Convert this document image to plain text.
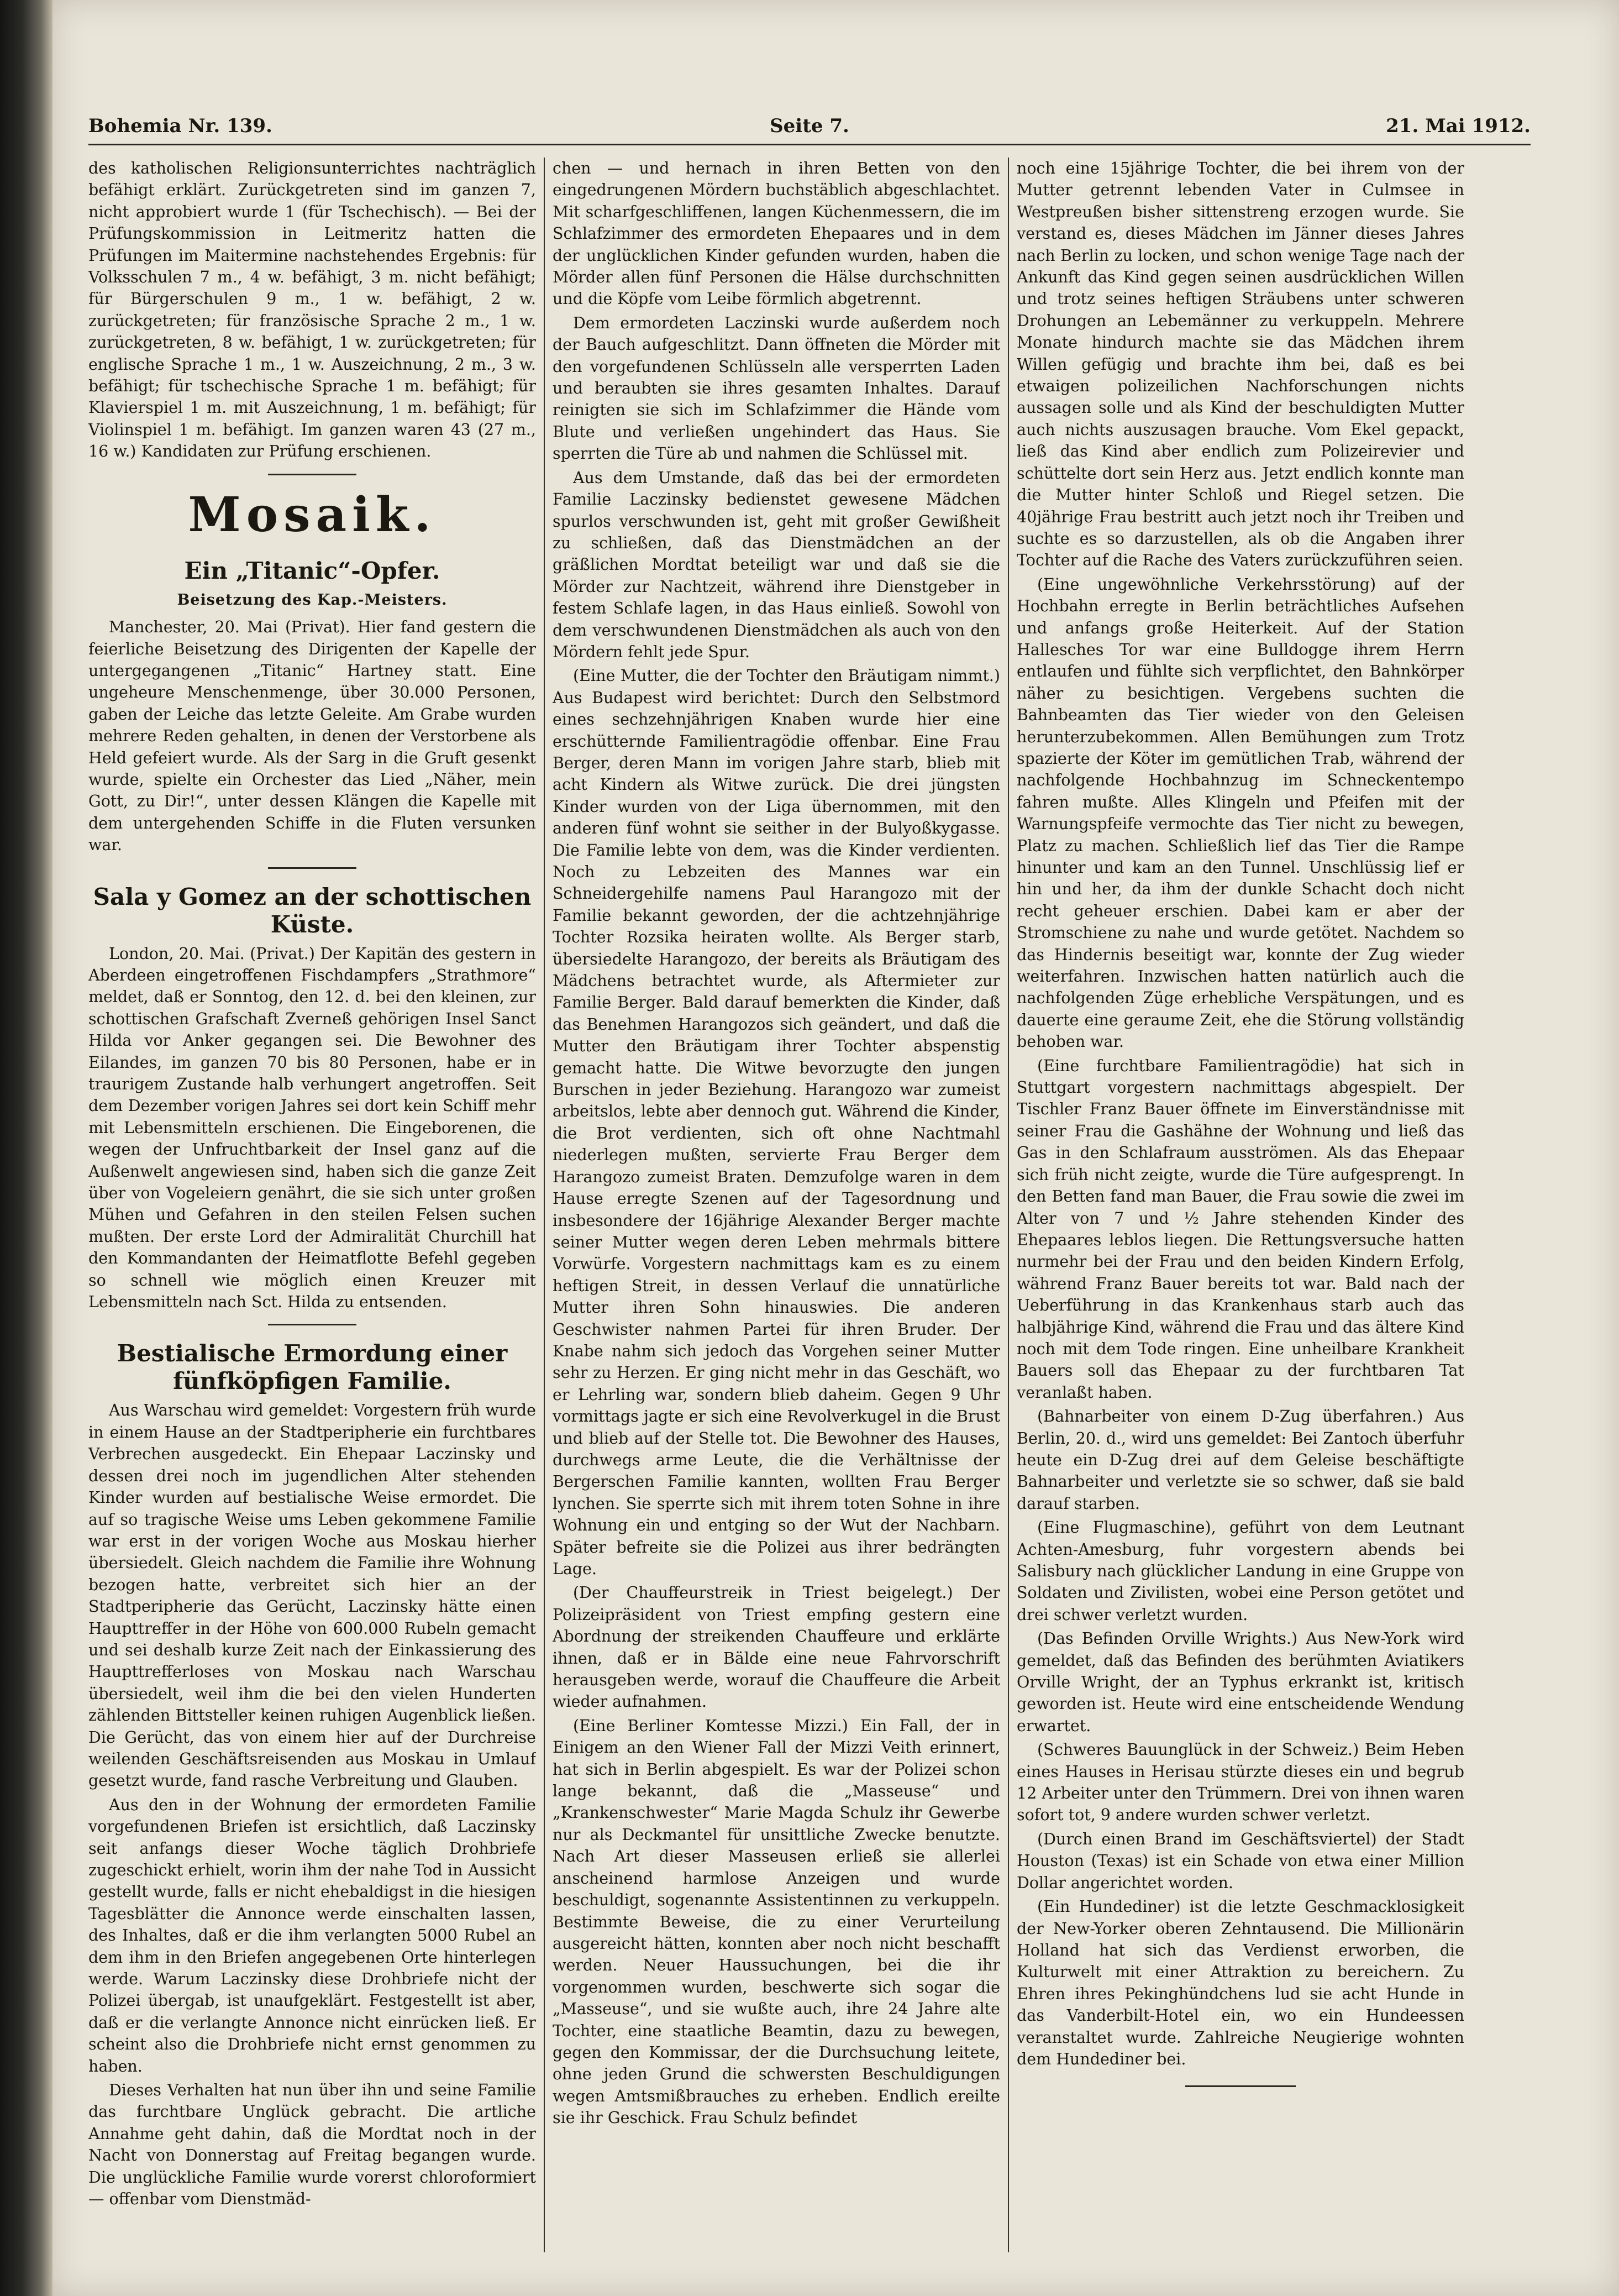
Bohemia Nr. 139.	Seite 7.	21. Mai 1912.

des katholischen Religionsunterrichtes nachträglich befähigt erklärt. Zurückgetreten sind im ganzen 7, nicht approbiert wurde 1 (für Tschechisch). — Bei der Prüfungskommission in Leitmeritz hatten die Prüfungen im Maitermine nachstehendes Ergebnis: für Volksschulen 7 m., 4 w. befähigt, 3 m. nicht befähigt; für Bürgerschulen 9 m., 1 w. befähigt, 2 w. zurückgetreten; für französische Sprache 2 m., 1 w. zurückgetreten, 8 w. befähigt, 1 w. zurückgetreten; für englische Sprache 1 m., 1 w. Auszeichnung, 2 m., 3 w. befähigt; für tschechische Sprache 1 m. befähigt; für Klavierspiel 1 m. mit Auszeichnung, 1 m. befähigt; für Violinspiel 1 m. befähigt. Im ganzen waren 43 (27 m., 16 w.) Kandidaten zur Prüfung erschienen.

Mosaik.
Ein „Titanic“-Opfer.
Beisetzung des Kap.-Meisters.

Manchester, 20. Mai (Privat). Hier fand gestern die feierliche Beisetzung des Dirigenten der Kapelle der untergegangenen „Titanic“ Hartney statt. Eine ungeheure Menschenmenge, über 30.000 Personen, gaben der Leiche das letzte Geleite. Am Grabe wurden mehrere Reden gehalten, in denen der Verstorbene als Held gefeiert wurde. Als der Sarg in die Gruft gesenkt wurde, spielte ein Orchester das Lied „Näher, mein Gott, zu Dir!“, unter dessen Klängen die Kapelle mit dem untergehenden Schiffe in die Fluten versunken war.

Sala y Gomez an der schottischen Küste.

London, 20. Mai. (Privat.) Der Kapitän des gestern in Aberdeen eingetroffenen Fischdampfers „Strathmore“ meldet, daß er Sonntog, den 12. d. bei den kleinen, zur schottischen Grafschaft Zverneß gehörigen Insel Sanct Hilda vor Anker gegangen sei. Die Bewohner des Eilandes, im ganzen 70 bis 80 Personen, habe er in traurigem Zustande halb verhungert angetroffen. Seit dem Dezember vorigen Jahres sei dort kein Schiff mehr mit Lebensmitteln erschienen. Die Eingeborenen, die wegen der Unfruchtbarkeit der Insel ganz auf die Außenwelt angewiesen sind, haben sich die ganze Zeit über von Vogeleiern genährt, die sie sich unter großen Mühen und Gefahren in den steilen Felsen suchen mußten. Der erste Lord der Admiralität Churchill hat den Kommandanten der Heimatflotte Befehl gegeben so schnell wie möglich einen Kreuzer mit Lebensmitteln nach Sct. Hilda zu entsenden.

Bestialische Ermordung einer fünfköpfigen Familie.

Aus Warschau wird gemeldet: Vorgestern früh wurde in einem Hause an der Stadtperipherie ein furchtbares Verbrechen ausgedeckt. Ein Ehepaar Laczinsky und dessen drei noch im jugendlichen Alter stehenden Kinder wurden auf bestialische Weise ermordet. Die auf so tragische Weise ums Leben gekommene Familie war erst in der vorigen Woche aus Moskau hierher übersiedelt. Gleich nachdem die Familie ihre Wohnung bezogen hatte, verbreitet sich hier an der Stadtperipherie das Gerücht, Laczinsky hätte einen Haupttreffer in der Höhe von 600.000 Rubeln gemacht und sei deshalb kurze Zeit nach der Einkassierung des Haupttrefferloses von Moskau nach Warschau übersiedelt, weil ihm die bei den vielen Hunderten zählenden Bittsteller keinen ruhigen Augenblick ließen. Die Gerücht, das von einem hier auf der Durchreise weilenden Geschäftsreisenden aus Moskau in Umlauf gesetzt wurde, fand rasche Verbreitung und Glauben.

Aus den in der Wohnung der ermordeten Familie vorgefundenen Briefen ist ersichtlich, daß Laczinsky seit anfangs dieser Woche täglich Drohbriefe zugeschickt erhielt, worin ihm der nahe Tod in Aussicht gestellt wurde, falls er nicht ehebaldigst in die hiesigen Tagesblätter die Annonce werde einschalten lassen, des Inhaltes, daß er die ihm verlangten 5000 Rubel an dem ihm in den Briefen angegebenen Orte hinterlegen werde. Warum Laczinsky diese Drohbriefe nicht der Polizei übergab, ist unaufgeklärt. Festgestellt ist aber, daß er die verlangte Annonce nicht einrücken ließ. Er scheint also die Drohbriefe nicht ernst genommen zu haben.

Dieses Verhalten hat nun über ihn und seine Familie das furchtbare Unglück gebracht. Die artliche Annahme geht dahin, daß die Mordtat noch in der Nacht von Donnerstag auf Freitag begangen wurde. Die unglückliche Familie wurde vorerst chloroformiert — offenbar vom Dienstmäd-

chen — und hernach in ihren Betten von den eingedrungenen Mördern buchstäblich abgeschlachtet. Mit scharfgeschliffenen, langen Küchenmessern, die im Schlafzimmer des ermordeten Ehepaares und in dem der unglücklichen Kinder gefunden wurden, haben die Mörder allen fünf Personen die Hälse durchschnitten und die Köpfe vom Leibe förmlich abgetrennt.

Dem ermordeten Laczinski wurde außerdem noch der Bauch aufgeschlitzt. Dann öffneten die Mörder mit den vorgefundenen Schlüsseln alle versperrten Laden und beraubten sie ihres gesamten Inhaltes. Darauf reinigten sie sich im Schlafzimmer die Hände vom Blute und verließen ungehindert das Haus. Sie sperrten die Türe ab und nahmen die Schlüssel mit.

Aus dem Umstande, daß das bei der ermordeten Familie Laczinsky bedienstet gewesene Mädchen spurlos verschwunden ist, geht mit großer Gewißheit zu schließen, daß das Dienstmädchen an der gräßlichen Mordtat beteiligt war und daß sie die Mörder zur Nachtzeit, während ihre Dienstgeber in festem Schlafe lagen, in das Haus einließ. Sowohl von dem verschwundenen Dienstmädchen als auch von den Mördern fehlt jede Spur.

(Eine Mutter, die der Tochter den Bräutigam nimmt.) Aus Budapest wird berichtet: Durch den Selbstmord eines sechzehnjährigen Knaben wurde hier eine erschütternde Familientragödie offenbar. Eine Frau Berger, deren Mann im vorigen Jahre starb, blieb mit acht Kindern als Witwe zurück. Die drei jüngsten Kinder wurden von der Liga übernommen, mit den anderen fünf wohnt sie seither in der Bulyoßkygasse. Die Familie lebte von dem, was die Kinder verdienten. Noch zu Lebzeiten des Mannes war ein Schneidergehilfe namens Paul Harangozo mit der Familie bekannt geworden, der die achtzehnjährige Tochter Rozsika heiraten wollte. Als Berger starb, übersiedelte Harangozo, der bereits als Bräutigam des Mädchens betrachtet wurde, als Aftermieter zur Familie Berger. Bald darauf bemerkten die Kinder, daß das Benehmen Harangozos sich geändert, und daß die Mutter den Bräutigam ihrer Tochter abspenstig gemacht hatte. Die Witwe bevorzugte den jungen Burschen in jeder Beziehung. Harangozo war zumeist arbeitslos, lebte aber dennoch gut. Während die Kinder, die Brot verdienten, sich oft ohne Nachtmahl niederlegen mußten, servierte Frau Berger dem Harangozo zumeist Braten. Demzufolge waren in dem Hause erregte Szenen auf der Tagesordnung und insbesondere der 16jährige Alexander Berger machte seiner Mutter wegen deren Leben mehrmals bittere Vorwürfe. Vorgestern nachmittags kam es zu einem heftigen Streit, in dessen Verlauf die unnatürliche Mutter ihren Sohn hinauswies. Die anderen Geschwister nahmen Partei für ihren Bruder. Der Knabe nahm sich jedoch das Vorgehen seiner Mutter sehr zu Herzen. Er ging nicht mehr in das Geschäft, wo er Lehrling war, sondern blieb daheim. Gegen 9 Uhr vormittags jagte er sich eine Revolverkugel in die Brust und blieb auf der Stelle tot. Die Bewohner des Hauses, durchwegs arme Leute, die die Verhältnisse der Bergerschen Familie kannten, wollten Frau Berger lynchen. Sie sperrte sich mit ihrem toten Sohne in ihre Wohnung ein und entging so der Wut der Nachbarn. Später befreite sie die Polizei aus ihrer bedrängten Lage.

(Der Chauffeurstreik in Triest beigelegt.) Der Polizeipräsident von Triest empfing gestern eine Abordnung der streikenden Chauffeure und erklärte ihnen, daß er in Bälde eine neue Fahrvorschrift herausgeben werde, worauf die Chauffeure die Arbeit wieder aufnahmen.

(Eine Berliner Komtesse Mizzi.) Ein Fall, der in Einigem an den Wiener Fall der Mizzi Veith erinnert, hat sich in Berlin abgespielt. Es war der Polizei schon lange bekannt, daß die „Masseuse“ und „Krankenschwester“ Marie Magda Schulz ihr Gewerbe nur als Deckmantel für unsittliche Zwecke benutzte. Nach Art dieser Masseusen erließ sie allerlei anscheinend harmlose Anzeigen und wurde beschuldigt, sogenannte Assistentinnen zu verkuppeln. Bestimmte Beweise, die zu einer Verurteilung ausgereicht hätten, konnten aber noch nicht beschafft werden. Neuer Haussuchungen, bei die ihr vorgenommen wurden, beschwerte sich sogar die „Masseuse“, und sie wußte auch, ihre 24 Jahre alte Tochter, eine staatliche Beamtin, dazu zu bewegen, gegen den Kommissar, der die Durchsuchung leitete, ohne jeden Grund die schwersten Beschuldigungen wegen Amtsmißbrauches zu erheben. Endlich ereilte sie ihr Geschick. Frau Schulz befindet

noch eine 15jährige Tochter, die bei ihrem von der Mutter getrennt lebenden Vater in Culmsee in Westpreußen bisher sittenstreng erzogen wurde. Sie verstand es, dieses Mädchen im Jänner dieses Jahres nach Berlin zu locken, und schon wenige Tage nach der Ankunft das Kind gegen seinen ausdrücklichen Willen und trotz seines heftigen Sträubens unter schweren Drohungen an Lebemänner zu verkuppeln. Mehrere Monate hindurch machte sie das Mädchen ihrem Willen gefügig und brachte ihm bei, daß es bei etwaigen polizeilichen Nachforschungen nichts aussagen solle und als Kind der beschuldigten Mutter auch nichts auszusagen brauche. Vom Ekel gepackt, ließ das Kind aber endlich zum Polizeirevier und schüttelte dort sein Herz aus. Jetzt endlich konnte man die Mutter hinter Schloß und Riegel setzen. Die 40jährige Frau bestritt auch jetzt noch ihr Treiben und suchte es so darzustellen, als ob die Angaben ihrer Tochter auf die Rache des Vaters zurückzuführen seien.

(Eine ungewöhnliche Verkehrsstörung) auf der Hochbahn erregte in Berlin beträchtliches Aufsehen und anfangs große Heiterkeit. Auf der Station Hallesches Tor war eine Bulldogge ihrem Herrn entlaufen und fühlte sich verpflichtet, den Bahnkörper näher zu besichtigen. Vergebens suchten die Bahnbeamten das Tier wieder von den Geleisen herunterzubekommen. Allen Bemühungen zum Trotz spazierte der Köter im gemütlichen Trab, während der nachfolgende Hochbahnzug im Schneckentempo fahren mußte. Alles Klingeln und Pfeifen mit der Warnungspfeife vermochte das Tier nicht zu bewegen, Platz zu machen. Schließlich lief das Tier die Rampe hinunter und kam an den Tunnel. Unschlüssig lief er hin und her, da ihm der dunkle Schacht doch nicht recht geheuer erschien. Dabei kam er aber der Stromschiene zu nahe und wurde getötet. Nachdem so das Hindernis beseitigt war, konnte der Zug wieder weiterfahren. Inzwischen hatten natürlich auch die nachfolgenden Züge erhebliche Verspätungen, und es dauerte eine geraume Zeit, ehe die Störung vollständig behoben war.

(Eine furchtbare Familientragödie) hat sich in Stuttgart vorgestern nachmittags abgespielt. Der Tischler Franz Bauer öffnete im Einverständnisse mit seiner Frau die Gashähne der Wohnung und ließ das Gas in den Schlafraum ausströmen. Als das Ehepaar sich früh nicht zeigte, wurde die Türe aufgesprengt. In den Betten fand man Bauer, die Frau sowie die zwei im Alter von 7 und ½ Jahre stehenden Kinder des Ehepaares leblos liegen. Die Rettungsversuche hatten nurmehr bei der Frau und den beiden Kindern Erfolg, während Franz Bauer bereits tot war. Bald nach der Ueberführung in das Krankenhaus starb auch das halbjährige Kind, während die Frau und das ältere Kind noch mit dem Tode ringen. Eine unheilbare Krankheit Bauers soll das Ehepaar zu der furchtbaren Tat veranlaßt haben.

(Bahnarbeiter von einem D-Zug überfahren.) Aus Berlin, 20. d., wird uns gemeldet: Bei Zantoch überfuhr heute ein D-Zug drei auf dem Geleise beschäftigte Bahnarbeiter und verletzte sie so schwer, daß sie bald darauf starben.

(Eine Flugmaschine), geführt von dem Leutnant Achten-Amesburg, fuhr vorgestern abends bei Salisbury nach glücklicher Landung in eine Gruppe von Soldaten und Zivilisten, wobei eine Person getötet und drei schwer verletzt wurden.

(Das Befinden Orville Wrights.) Aus New-York wird gemeldet, daß das Befinden des berühmten Aviatikers Orville Wright, der an Typhus erkrankt ist, kritisch geworden ist. Heute wird eine entscheidende Wendung erwartet.

(Schweres Bauunglück in der Schweiz.) Beim Heben eines Hauses in Herisau stürzte dieses ein und begrub 12 Arbeiter unter den Trümmern. Drei von ihnen waren sofort tot, 9 andere wurden schwer verletzt.

(Durch einen Brand im Geschäftsviertel) der Stadt Houston (Texas) ist ein Schade von etwa einer Million Dollar angerichtet worden.

(Ein Hundediner) ist die letzte Geschmacklosigkeit der New-Yorker oberen Zehntausend. Die Millionärin Holland hat sich das Verdienst erworben, die Kulturwelt mit einer Attraktion zu bereichern. Zu Ehren ihres Pekinghündchens lud sie acht Hunde in das Vanderbilt-Hotel ein, wo ein Hundeessen veranstaltet wurde. Zahlreiche Neugierige wohnten dem Hundediner bei.
